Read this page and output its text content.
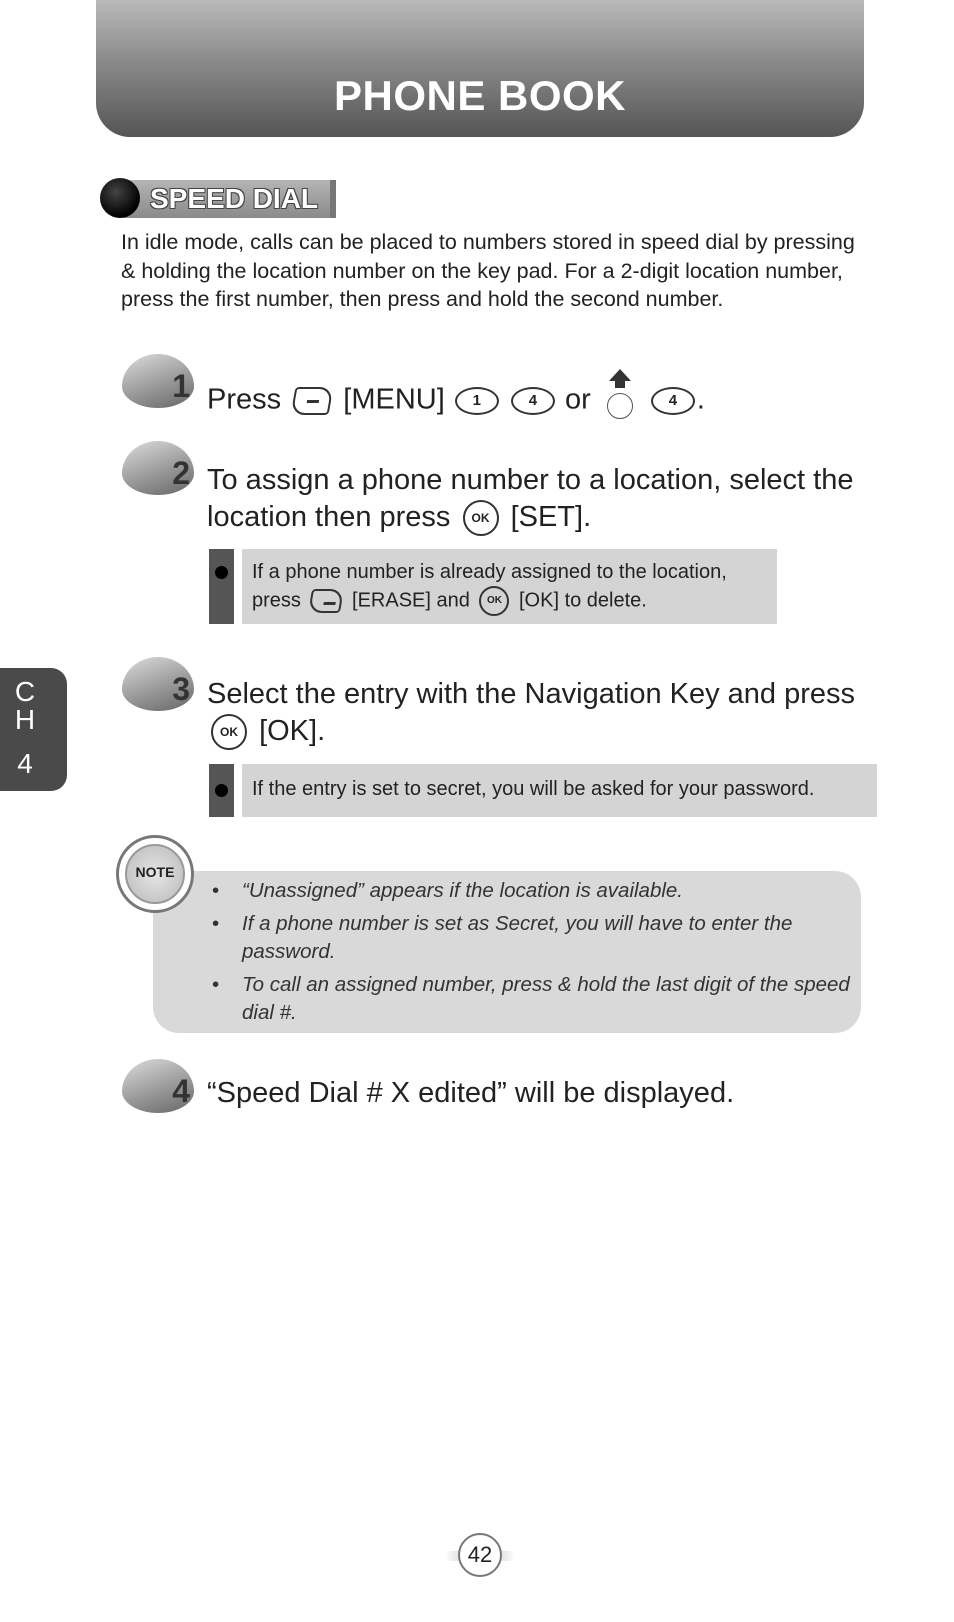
PHONE BOOK
SPEED DIAL

In idle mode, calls can be placed to numbers stored in speed dial by pressing & holding the location number on the key pad. For a 2-digit location number, press the first number, then press and hold the second number.

1 Press [MENU] 1	4 or	4 .
2 To assign a phone number to a location, select the location then press OK [SET].
If a phone number is already assigned to the location, press	[ERASE] and OK [OK] to delete.
3 Select the entry with the Navigation Key and press OK [OK].
If the entry is set to secret, you will be asked for your password.
NOTE
• “Unassigned” appears if the location is available.
• If a phone number is set as Secret, you will have to enter the password.
• To call an assigned number, press & hold the last digit of the speed dial #.
4 “Speed Dial # X edited” will be displayed.
C
H
4
42
